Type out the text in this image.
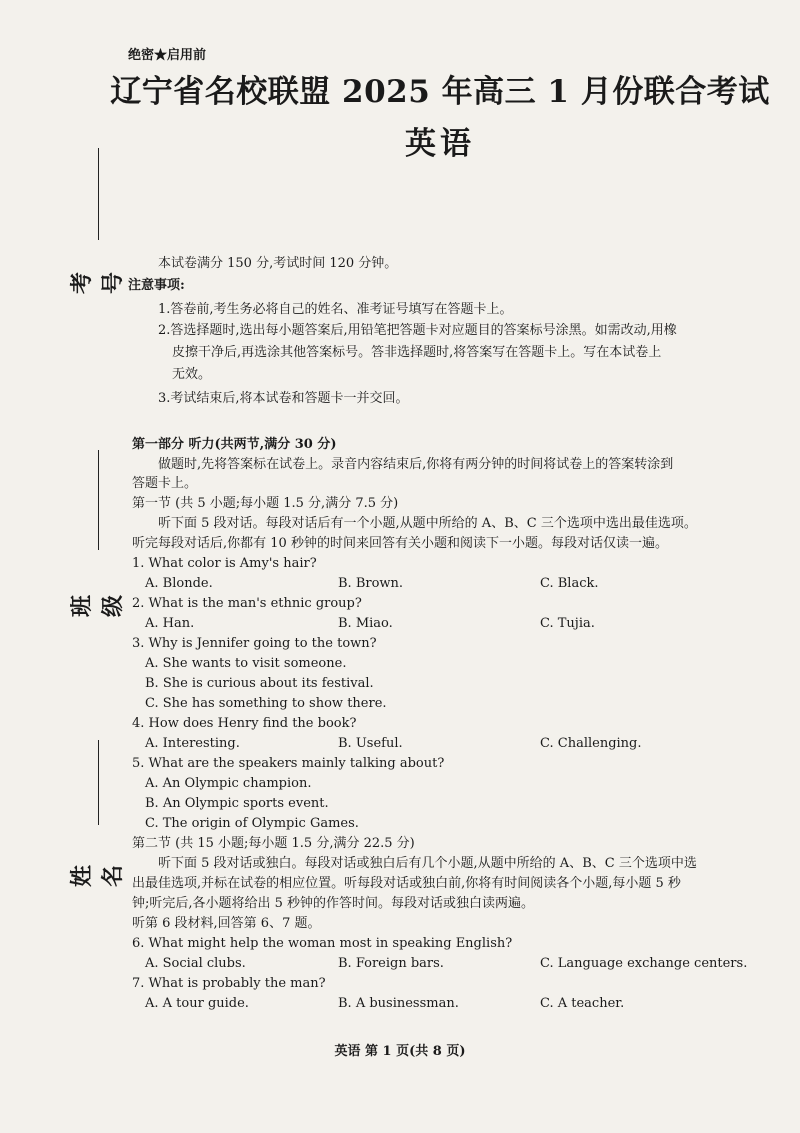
绝密★启用前
辽宁省名校联盟 2025 年高三 1 月份联合考试
英语
考号
班级
姓名
本试卷满分 150 分,考试时间 120 分钟。
注意事项:
1.答卷前,考生务必将自己的姓名、准考证号填写在答题卡上。
2.答选择题时,选出每小题答案后,用铅笔把答题卡对应题目的答案标号涂黑。如需改动,用橡
皮擦干净后,再选涂其他答案标号。答非选择题时,将答案写在答题卡上。写在本试卷上
无效。
3.考试结束后,将本试卷和答题卡一并交回。
第一部分 听力(共两节,满分 30 分)
做题时,先将答案标在试卷上。录音内容结束后,你将有两分钟的时间将试卷上的答案转涂到
答题卡上。
第一节 (共 5 小题;每小题 1.5 分,满分 7.5 分)
听下面 5 段对话。每段对话后有一个小题,从题中所给的 A、B、C 三个选项中选出最佳选项。
听完每段对话后,你都有 10 秒钟的时间来回答有关小题和阅读下一小题。每段对话仅读一遍。
1. What color is Amy's hair?
A. Blonde.	B. Brown.	C. Black.
2. What is the man's ethnic group?
A. Han.	B. Miao.	C. Tujia.
3. Why is Jennifer going to the town?
A. She wants to visit someone.
B. She is curious about its festival.
C. She has something to show there.
4. How does Henry find the book?
A. Interesting.	B. Useful.	C. Challenging.
5. What are the speakers mainly talking about?
A. An Olympic champion.
B. An Olympic sports event.
C. The origin of Olympic Games.
第二节 (共 15 小题;每小题 1.5 分,满分 22.5 分)
听下面 5 段对话或独白。每段对话或独白后有几个小题,从题中所给的 A、B、C 三个选项中选
出最佳选项,并标在试卷的相应位置。听每段对话或独白前,你将有时间阅读各个小题,每小题 5 秒
钟;听完后,各小题将给出 5 秒钟的作答时间。每段对话或独白读两遍。
听第 6 段材料,回答第 6、7 题。
6. What might help the woman most in speaking English?
A. Social clubs.	B. Foreign bars.	C. Language exchange centers.
7. What is probably the man?
A. A tour guide.	B. A businessman.	C. A teacher.
英语 第 1 页(共 8 页)
